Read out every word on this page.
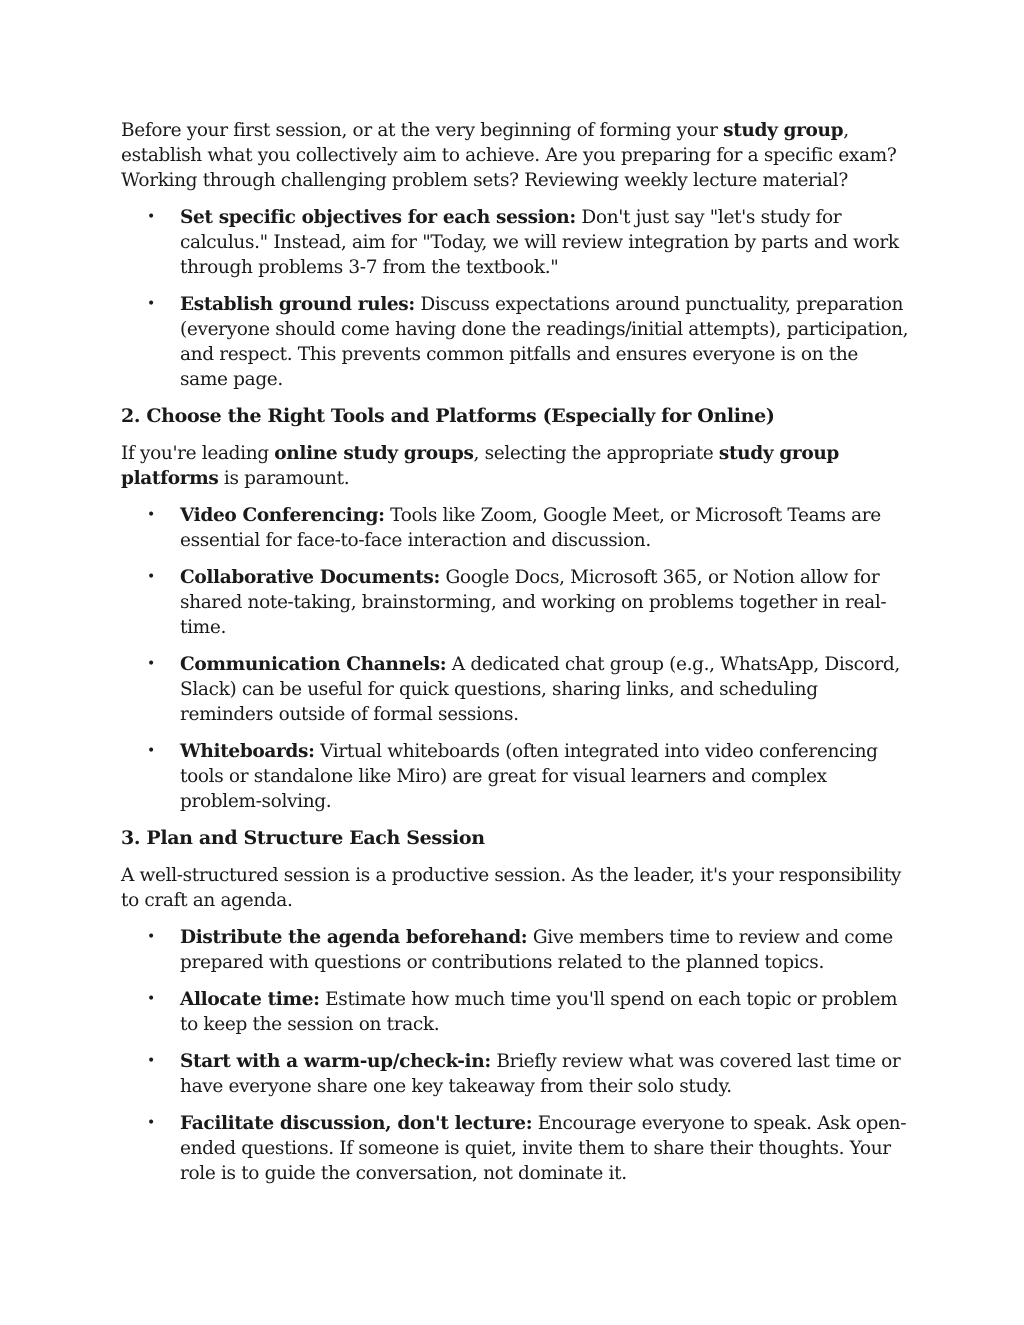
Before your first session, or at the very beginning of forming your study group, establish what you collectively aim to achieve. Are you preparing for a specific exam? Working through challenging problem sets? Reviewing weekly lecture material?

• Set specific objectives for each session: Don't just say "let's study for calculus." Instead, aim for "Today, we will review integration by parts and work through problems 3-7 from the textbook."
• Establish ground rules: Discuss expectations around punctuality, preparation (everyone should come having done the readings/initial attempts), participation, and respect. This prevents common pitfalls and ensures everyone is on the same page.
2. Choose the Right Tools and Platforms (Especially for Online)

If you're leading online study groups, selecting the appropriate study group platforms is paramount.

• Video Conferencing: Tools like Zoom, Google Meet, or Microsoft Teams are essential for face-to-face interaction and discussion.
• Collaborative Documents: Google Docs, Microsoft 365, or Notion allow for shared note-taking, brainstorming, and working on problems together in real-time.
• Communication Channels: A dedicated chat group (e.g., WhatsApp, Discord, Slack) can be useful for quick questions, sharing links, and scheduling reminders outside of formal sessions.
• Whiteboards: Virtual whiteboards (often integrated into video conferencing tools or standalone like Miro) are great for visual learners and complex problem-solving.
3. Plan and Structure Each Session

A well-structured session is a productive session. As the leader, it's your responsibility to craft an agenda.

• Distribute the agenda beforehand: Give members time to review and come prepared with questions or contributions related to the planned topics.
• Allocate time: Estimate how much time you'll spend on each topic or problem to keep the session on track.
• Start with a warm-up/check-in: Briefly review what was covered last time or have everyone share one key takeaway from their solo study.
• Facilitate discussion, don't lecture: Encourage everyone to speak. Ask open-ended questions. If someone is quiet, invite them to share their thoughts. Your role is to guide the conversation, not dominate it.
